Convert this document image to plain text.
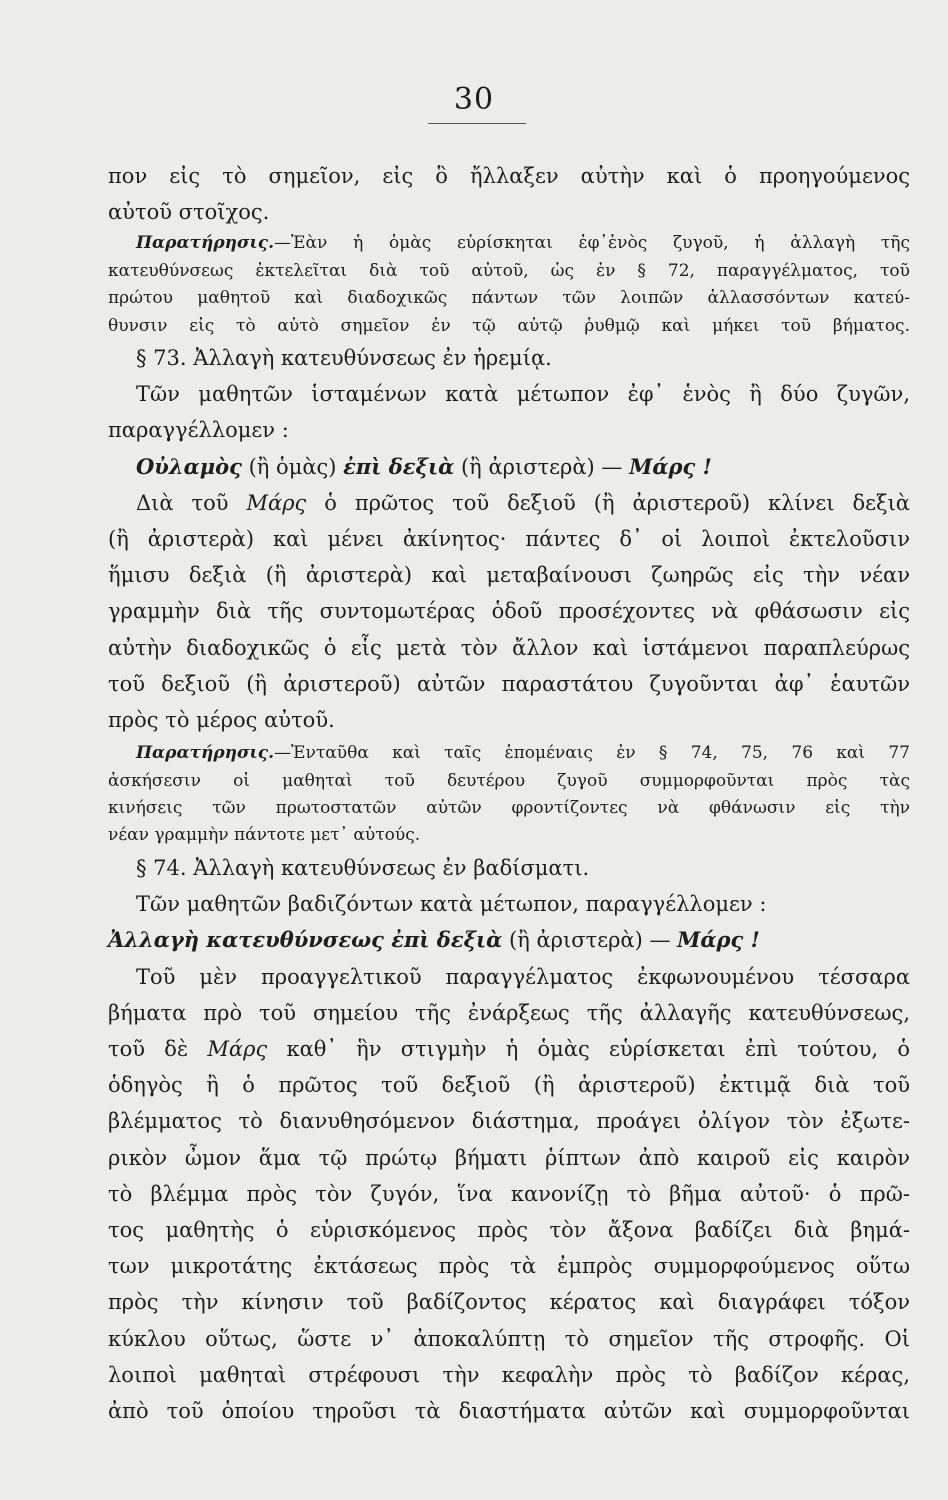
30

πον εἰς τὸ σημεῖον, εἰς ὃ ἤλλαξεν αὐτὴν καὶ ὁ προηγούμενος
αὐτοῦ στοῖχος.

Παρατήρησις.—Ἐὰν ἡ ὁμὰς εὑρίσκηται ἐφ᾽ἑνὸς ζυγοῦ, ἡ ἀλλαγὴ τῆς
κατευθύνσεως ἐκτελεῖται διὰ τοῦ αὐτοῦ, ὡς ἐν § 72, παραγγέλματος, τοῦ
πρώτου μαθητοῦ καὶ διαδοχικῶς πάντων τῶν λοιπῶν ἀλλασσόντων κατεύ-
θυνσιν εἰς τὸ αὐτὸ σημεῖον ἐν τῷ αὐτῷ ῥυθμῷ καὶ μήκει τοῦ βήματος.

§ 73. Ἀλλαγὴ κατευθύνσεως ἐν ἠρεμίᾳ.
Τῶν μαθητῶν ἱσταμένων κατὰ μέτωπον ἐφ᾽ ἑνὸς ἢ δύο ζυγῶν,
παραγγέλλομεν :
Οὐλαμὸς (ἢ ὁμὰς) ἐπὶ δεξιὰ (ἢ ἀριστερὰ) — Μάρς !
Διὰ τοῦ Μάρς ὁ πρῶτος τοῦ δεξιοῦ (ἢ ἀριστεροῦ) κλίνει δεξιὰ
(ἢ ἀριστερὰ) καὶ μένει ἀκίνητος· πάντες δ᾽ οἱ λοιποὶ ἐκτελοῦσιν
ἥμισυ δεξιὰ (ἢ ἀριστερὰ) καὶ μεταβαίνουσι ζωηρῶς εἰς τὴν νέαν
γραμμὴν διὰ τῆς συντομωτέρας ὁδοῦ προσέχοντες νὰ φθάσωσιν εἰς
αὐτὴν διαδοχικῶς ὁ εἷς μετὰ τὸν ἄλλον καὶ ἱστάμενοι παραπλεύρως
τοῦ δεξιοῦ (ἢ ἀριστεροῦ) αὐτῶν παραστάτου ζυγοῦνται ἀφ᾽ ἑαυτῶν
πρὸς τὸ μέρος αὐτοῦ.

Παρατήρησις.—Ἐνταῦθα καὶ ταῖς ἑπομέναις ἐν § 74, 75, 76 καὶ 77
ἀσκήσεσιν οἱ μαθηταὶ τοῦ δευτέρου ζυγοῦ συμμορφοῦνται πρὸς τὰς
κινήσεις τῶν πρωτοστατῶν αὐτῶν φροντίζοντες νὰ φθάνωσιν εἰς τὴν
νέαν γραμμὴν πάντοτε μετ᾽ αὐτούς.

§ 74. Ἀλλαγὴ κατευθύνσεως ἐν βαδίσματι.
Τῶν μαθητῶν βαδιζόντων κατὰ μέτωπον, παραγγέλλομεν :
Ἀλλαγὴ κατευθύνσεως ἐπὶ δεξιὰ (ἢ ἀριστερὰ) — Μάρς !
Τοῦ μὲν προαγγελτικοῦ παραγγέλματος ἐκφωνουμένου τέσσαρα
βήματα πρὸ τοῦ σημείου τῆς ἐνάρξεως τῆς ἀλλαγῆς κατευθύνσεως,
τοῦ δὲ Μάρς καθ᾽ ἣν στιγμὴν ἡ ὁμὰς εὑρίσκεται ἐπὶ τούτου, ὁ
ὁδηγὸς ἢ ὁ πρῶτος τοῦ δεξιοῦ (ἢ ἀριστεροῦ) ἐκτιμᾷ διὰ τοῦ
βλέμματος τὸ διανυθησόμενον διάστημα, προάγει ὀλίγον τὸν ἐξωτε-
ρικὸν ὦμον ἅμα τῷ πρώτῳ βήματι ῥίπτων ἀπὸ καιροῦ εἰς καιρὸν
τὸ βλέμμα πρὸς τὸν ζυγόν, ἵνα κανονίζῃ τὸ βῆμα αὐτοῦ· ὁ πρῶ-
τος μαθητὴς ὁ εὑρισκόμενος πρὸς τὸν ἄξονα βαδίζει διὰ βημά-
των μικροτάτης ἐκτάσεως πρὸς τὰ ἐμπρὸς συμμορφούμενος οὕτω
πρὸς τὴν κίνησιν τοῦ βαδίζοντος κέρατος καὶ διαγράφει τόξον
κύκλου οὕτως, ὥστε ν᾽ ἀποκαλύπτῃ τὸ σημεῖον τῆς στροφῆς. Οἱ
λοιποὶ μαθηταὶ στρέφουσι τὴν κεφαλὴν πρὸς τὸ βαδίζον κέρας,
ἀπὸ τοῦ ὁποίου τηροῦσι τὰ διαστήματα αὐτῶν καὶ συμμορφοῦνται
